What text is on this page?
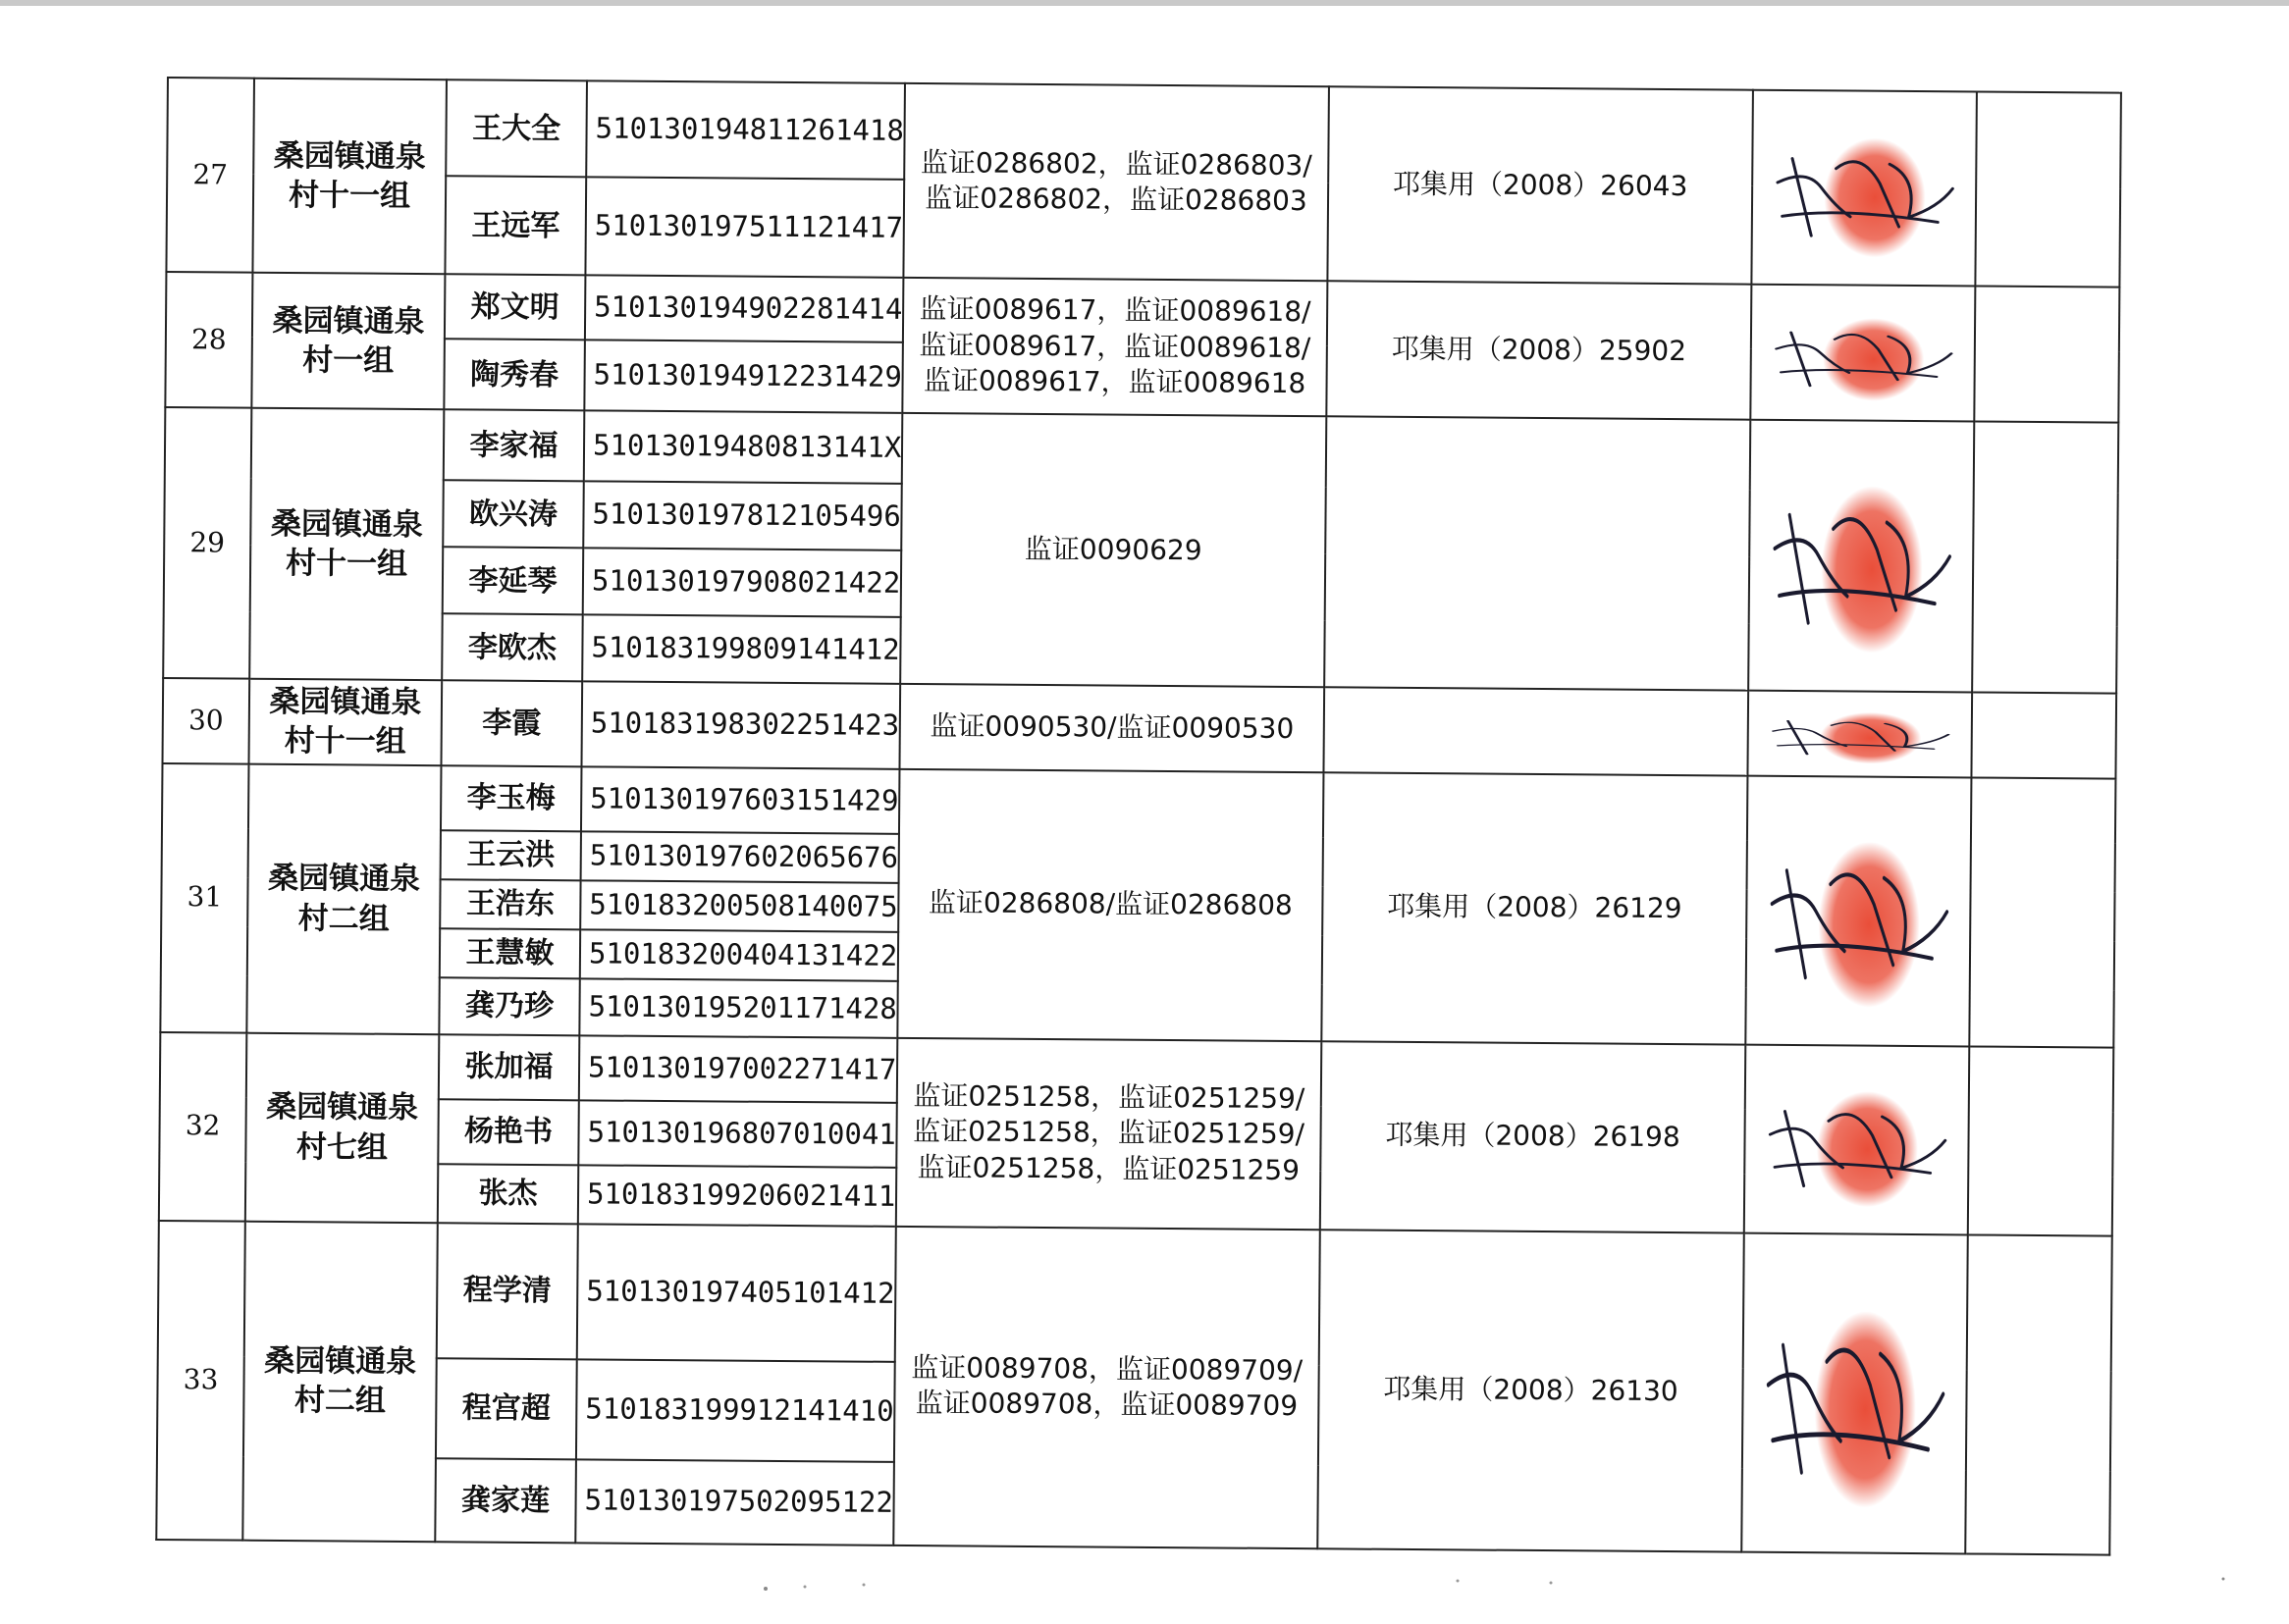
27	桑园镇通泉村十一组	王大全	510130194811261418	监证0286802，监证0286803/监证0286802，监证0286803	邛集用（2008）26043	

		王远军	510130197511121417				
28	桑园镇通泉村一组	郑文明	510130194902281414	监证0089617，监证0089618/监证0089617，监证0089618/监证0089617，监证0089618	邛集用（2008）25902	

		陶秀春	510130194912231429				
29	桑园镇通泉村十一组	李家福	51013019480813141X	监证0090629		

		欧兴涛	510130197812105496				
		李延琴	510130197908021422				
		李欧杰	510183199809141412				
30	桑园镇通泉村十一组	李霞	510183198302251423	监证0090530/监证0090530		

31	桑园镇通泉村二组	李玉梅	510130197603151429	监证0286808/监证0286808	邛集用（2008）26129	

		王云洪	510130197602065676				
		王浩东	510183200508140075				
		王慧敏	510183200404131422				
		龚乃珍	510130195201171428				
32	桑园镇通泉村七组	张加福	510130197002271417	监证0251258，监证0251259/监证0251258，监证0251259/监证0251258，监证0251259	邛集用（2008）26198	

		杨艳书	510130196807010041				
		张杰	510183199206021411				
33	桑园镇通泉村二组	程学清	510130197405101412	监证0089708，监证0089709/监证0089708，监证0089709	邛集用（2008）26130	

		程宫超	510183199912141410				
		龚家莲	510130197502095122				
